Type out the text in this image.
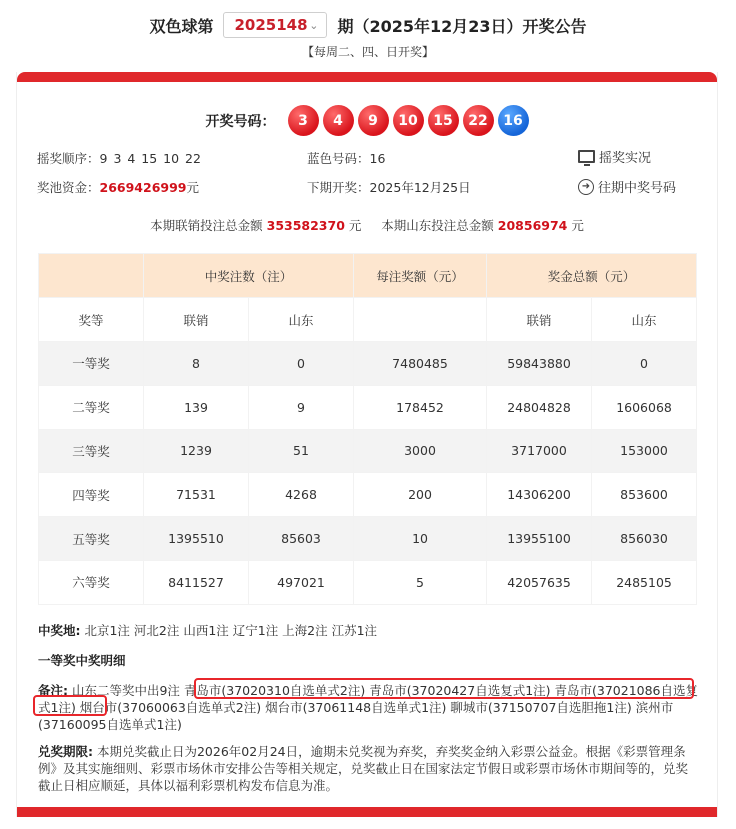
双色球第 2025148 ⌄ 期（2025年12月23日）开奖公告
【每周二、四、日开奖】
开奖号码：	3	4	9	10	15	22	16
摇奖顺序：9 3 4 15 10 22	蓝色号码：16	摇奖实况
奖池资金：2669426999元	下期开奖：2025年12月25日	➜ 往期中奖号码
本期联销投注总金额 353582370 元 本期山东投注总金额 20856974 元
	中奖注数（注）		每注奖额（元）	奖金总额（元）	
奖等	联销	山东		联销	山东
一等奖	8	0	7480485	59843880	0
二等奖	139	9	178452	24804828	1606068
三等奖	1239	51	3000	3717000	153000
四等奖	71531	4268	200	14306200	853600
五等奖	1395510	85603	10	13955100	856030
六等奖	8411527	497021	5	42057635	2485105
中奖地: 北京1注 河北2注 山西1注 辽宁1注 上海2注 江苏1注
一等奖中奖明细
备注: 山东二等奖中出9注 青岛市(37020310自选单式2注) 青岛市(37020427自选复式1注) 青岛市(37021086自选复式1注) 烟台市(37060063自选单式2注) 烟台市(37061148自选单式1注) 聊城市(37150707自选胆拖1注) 滨州市(37160095自选单式1注)
兑奖期限: 本期兑奖截止日为2026年02月24日，逾期未兑奖视为弃奖，弃奖奖金纳入彩票公益金。根据《彩票管理条例》及其实施细则、彩票市场休市安排公告等相关规定，兑奖截止日在国家法定节假日或彩票市场休市期间等的，兑奖截止日相应顺延，具体以福利彩票机构发布信息为准。
